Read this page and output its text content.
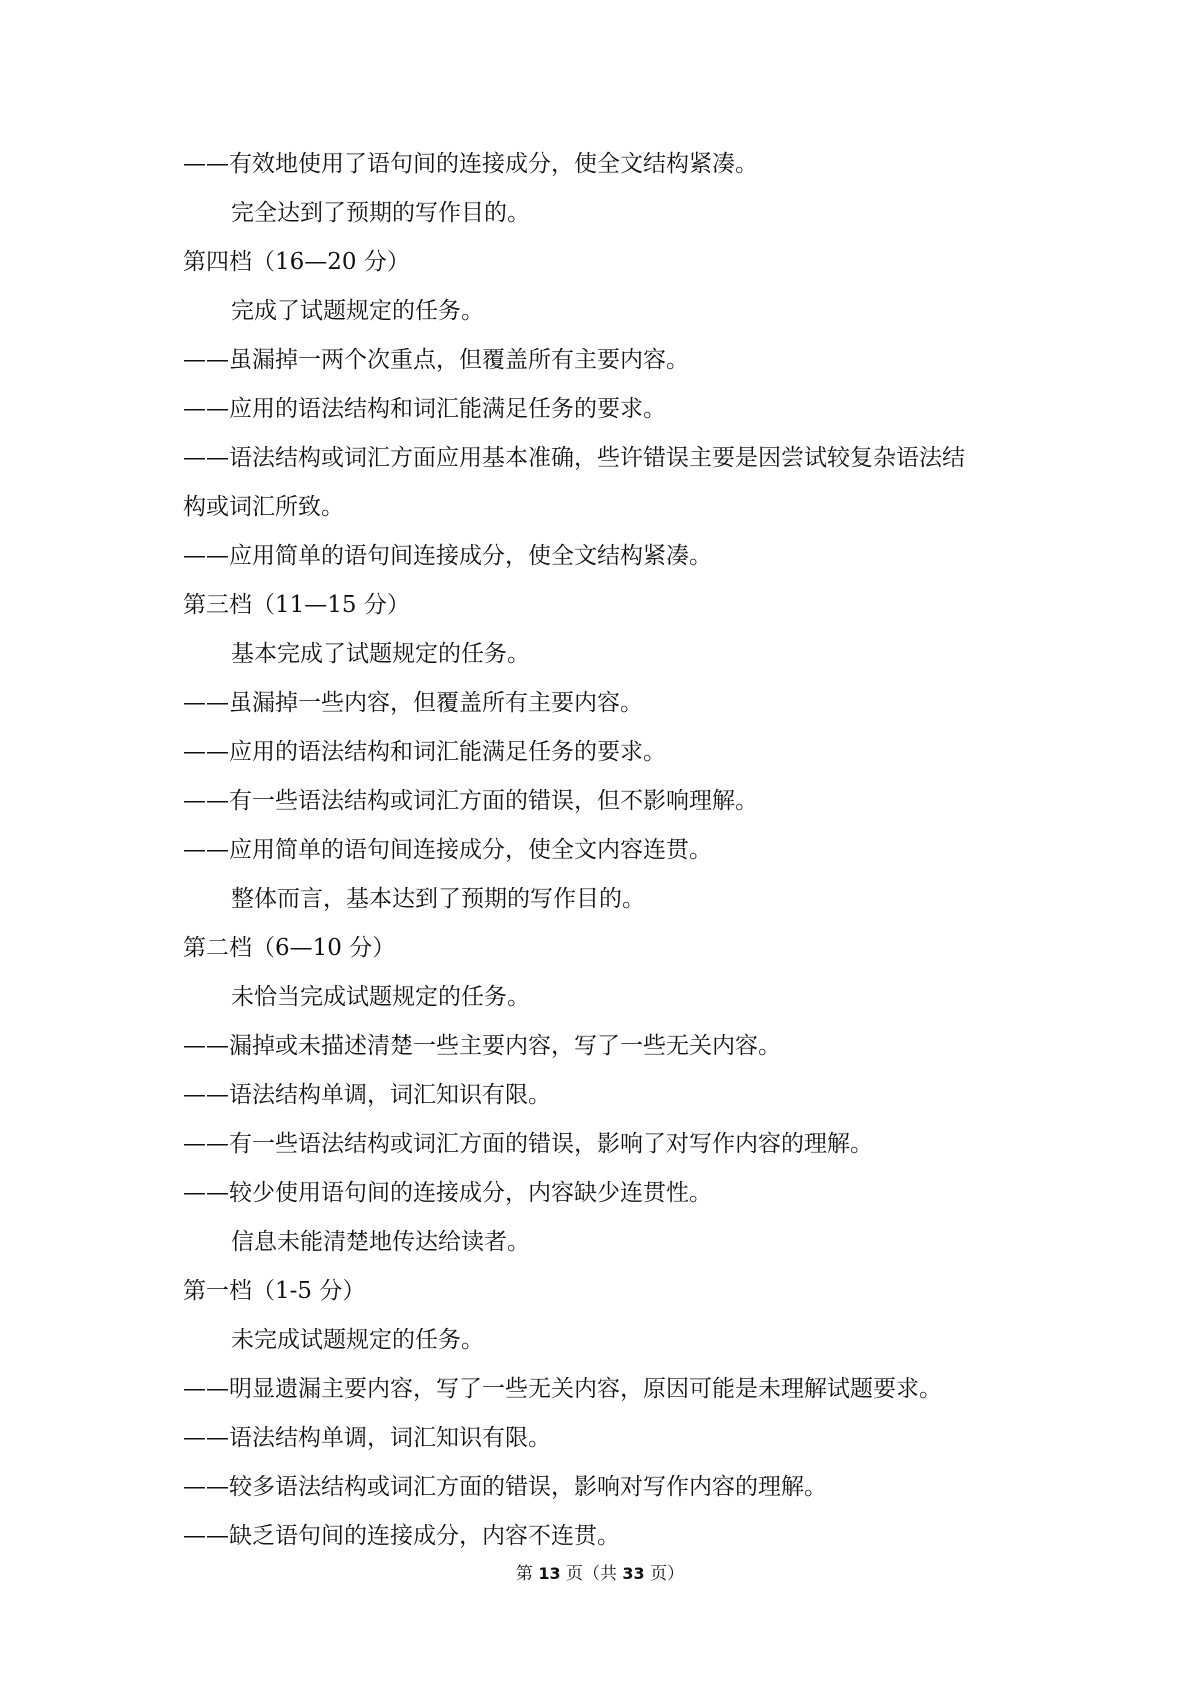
——有效地使用了语句间的连接成分，使全文结构紧凑。
完全达到了预期的写作目的。
第四档（16—20 分）
完成了试题规定的任务。
——虽漏掉一两个次重点，但覆盖所有主要内容。
——应用的语法结构和词汇能满足任务的要求。
——语法结构或词汇方面应用基本准确，些许错误主要是因尝试较复杂语法结
构或词汇所致。
——应用简单的语句间连接成分，使全文结构紧凑。
第三档（11—15 分）
基本完成了试题规定的任务。
——虽漏掉一些内容，但覆盖所有主要内容。
——应用的语法结构和词汇能满足任务的要求。
——有一些语法结构或词汇方面的错误，但不影响理解。
——应用简单的语句间连接成分，使全文内容连贯。
整体而言，基本达到了预期的写作目的。
第二档（6—10 分）
未恰当完成试题规定的任务。
——漏掉或未描述清楚一些主要内容，写了一些无关内容。
——语法结构单调，词汇知识有限。
——有一些语法结构或词汇方面的错误，影响了对写作内容的理解。
——较少使用语句间的连接成分，内容缺少连贯性。
信息未能清楚地传达给读者。
第一档（1-5 分）
未完成试题规定的任务。
——明显遗漏主要内容，写了一些无关内容，原因可能是未理解试题要求。
——语法结构单调，词汇知识有限。
——较多语法结构或词汇方面的错误，影响对写作内容的理解。
——缺乏语句间的连接成分，内容不连贯。
第 13 页（共 33 页）
